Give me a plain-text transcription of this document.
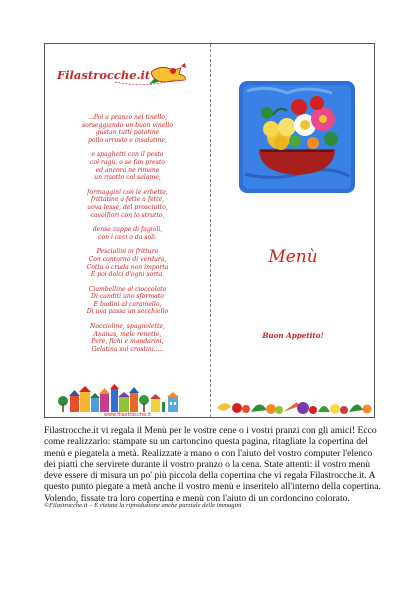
Filastrocche.it
...Poi a pranzo nel tinello,
sorseggiando un buon vinello
gustan tutti patatine
pollo arrosto e insalatine,
e spaghetti con il pesto
col ragù, o se fan presto
ed ancora ne rimane
un risotto col salame,
formaggini con le erbette,
frittatine a fette a fette,
uova lesse, del prosciutto,
cavolfiori con lo strutto,
dense zuppe di fagioli,
con i ceci o da soli.
Pesciolini in frittura
Con contorno di verdura,
Cotta o cruda non importa
E poi dolci d'ogni sorta,
Ciambelline al cioccolato
Di canditi uno sformato
E budini al caramello,
Di uva passa un secchiello
Noccioline, spagnolette,
Ananas, mele renette,
Pere, fichi e mandarini,
Gelatina sui crostini.....
www.filastrocche.it
Menù
Buon Appetito!
Filastrocche.it vi regala il Menù per le vostre cene o i vostri pranzi con gli amici! Ecco come realizzarlo: stampate su un cartoncino questa pagina, ritagliate la copertina del menù e piegatela a metà. Realizzate a mano o con l'aiuto del vostro computer l'elenco dei piatti che servirete durante il vostro pranzo o la cena. State attenti: il vostro menù deve essere di misura un po' più piccola della copertina che vi regala Filastrocche.it. A questo punto piegate a metà anche il vostro menù e inseritelo all'interno della copertina. Volendo, fissate tra loro copertina e menù con l'aiuto di un cordoncino colorato.
©Filastrocche.it – È vietata la riproduzione anche parziale delle immagini
